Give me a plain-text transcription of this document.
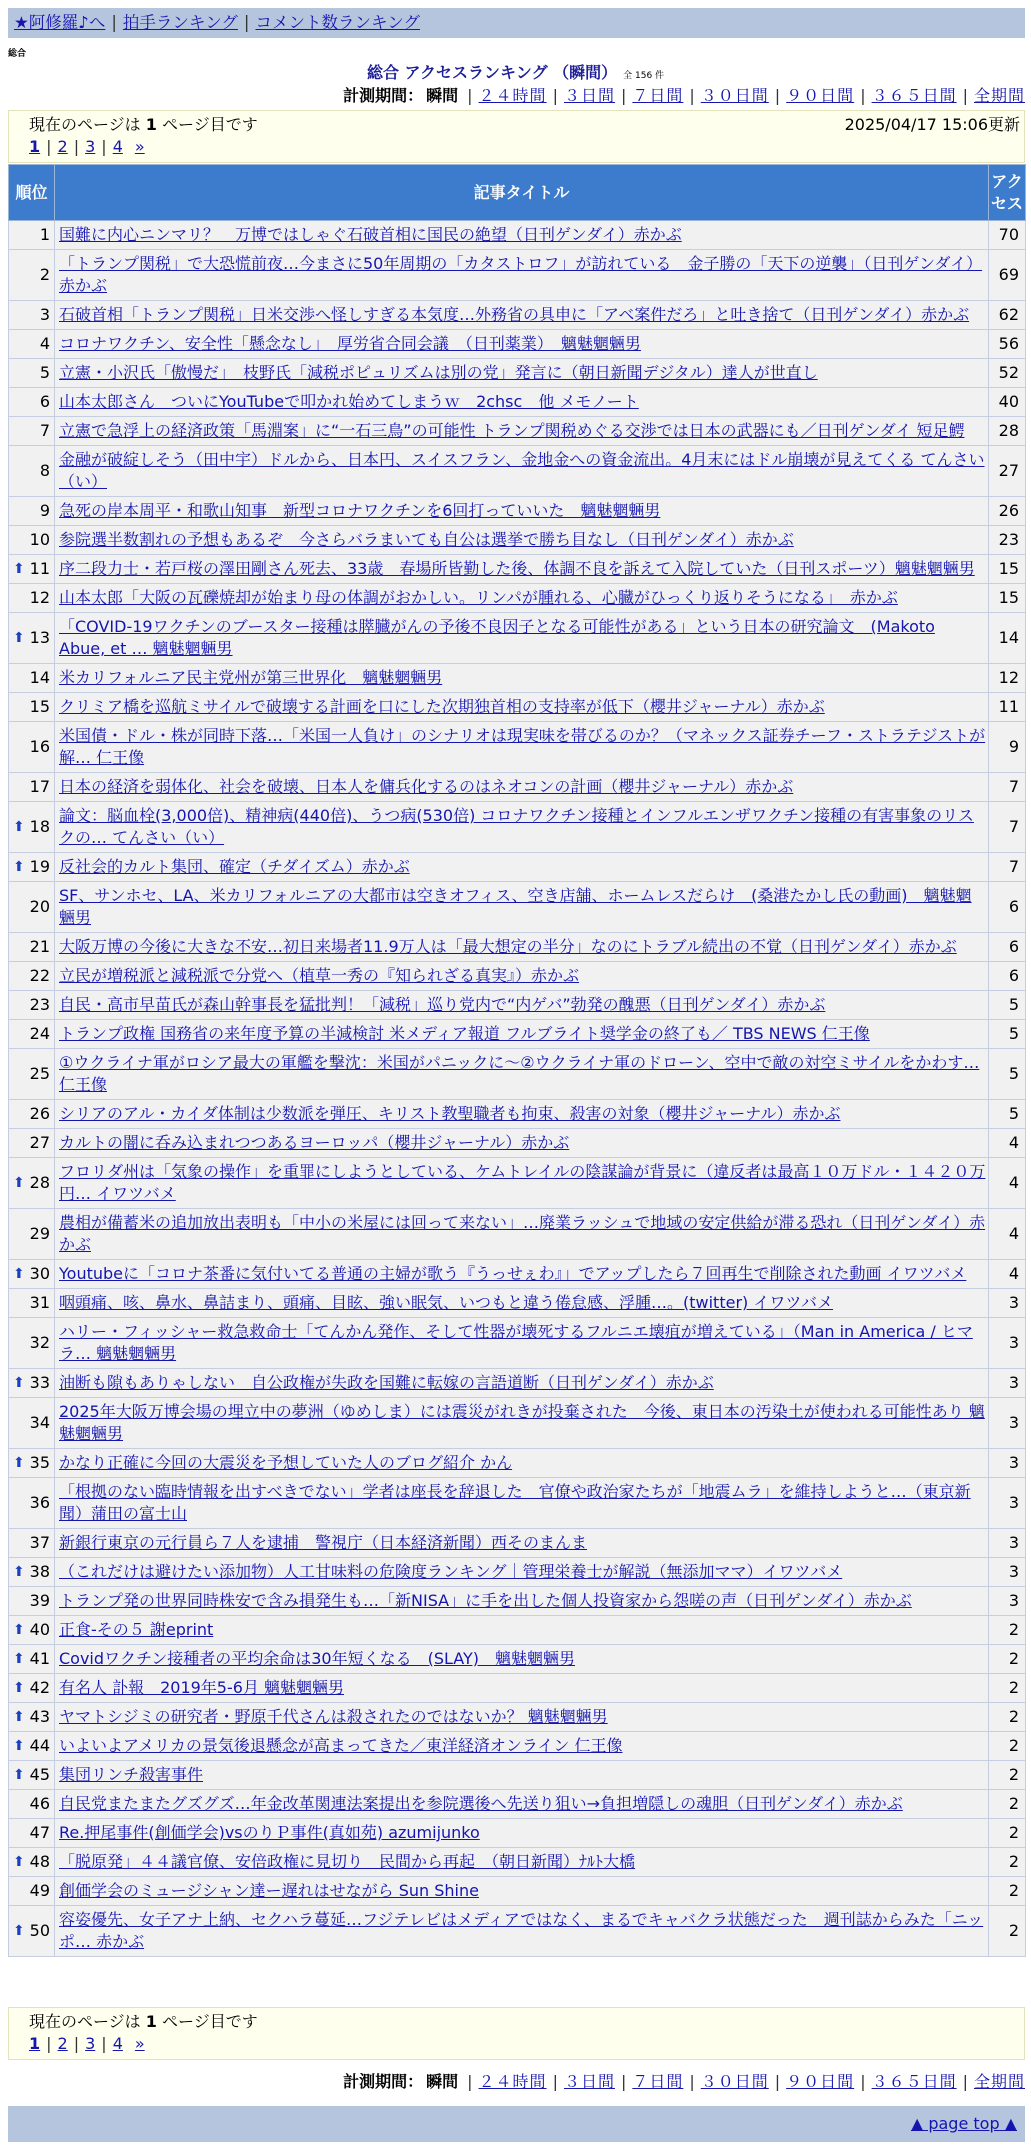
★阿修羅♪へ | 拍手ランキング | コメント数ランキング
総合
総合 アクセスランキング （瞬間） 全 156 件
計測期間： 瞬間 | ２４時間 | ３日間 | ７日間 | ３０日間 | ９０日間 | ３６５日間 | 全期間
現在のページは 1 ページ目です	2025/04/17 15:06更新
1 | 2 | 3 | 4 »
順位	記事タイトル	アクセス
1	国難に内心ニンマリ？　万博ではしゃぐ石破首相に国民の絶望（日刊ゲンダイ）赤かぶ	70
2	「トランプ関税」で大恐慌前夜…今まさに50年周期の「カタストロフ」が訪れている　金子勝の「天下の逆襲」（日刊ゲンダイ）赤かぶ	69
3	石破首相「トランプ関税」日米交渉へ怪しすぎる本気度…外務省の具申に「アベ案件だろ」と吐き捨て（日刊ゲンダイ）赤かぶ	62
4	コロナワクチン、安全性「懸念なし」　厚労省合同会議　（日刊薬業）　魑魅魍魎男	56
5	立憲・小沢氏「傲慢だ」　枝野氏「減税ポピュリズムは別の党」発言に（朝日新聞デジタル）達人が世直し	52
6	山本太郎さん　ついにYouTubeで叩かれ始めてしまうｗ　2chsc　他 メモノート	40
7	立憲で急浮上の経済政策「馬淵案」に“一石三鳥”の可能性 トランプ関税めぐる交渉では日本の武器にも／日刊ゲンダイ 短足鰐	28
8	金融が破綻しそう（田中宇）ドルから、日本円、スイスフラン、金地金への資金流出。4月末にはドル崩壊が見えてくる てんさい（い）	27
9	急死の岸本周平・和歌山知事　新型コロナワクチンを6回打っていいた　魑魅魍魎男	26
10	参院選半数割れの予想もあるぞ　今さらバラまいても自公は選挙で勝ち目なし（日刊ゲンダイ）赤かぶ	23

⬆ 11	序二段力士・若戸桜の澤田剛さん死去、33歳　春場所皆勤した後、体調不良を訴えて入院していた（日刊スポーツ）魑魅魍魎男	15
12	山本太郎「大阪の瓦礫焼却が始まり母の体調がおかしい。リンパが腫れる、心臓がひっくり返りそうになる」　赤かぶ	15

⬆ 13	「COVID-19ワクチンのブースター接種は膵臓がんの予後不良因子となる可能性がある」という日本の研究論文　(Makoto Abue, et … 魑魅魍魎男	14
14	米カリフォルニア民主党州が第三世界化　魑魅魍魎男	12
15	クリミア橋を巡航ミサイルで破壊する計画を口にした次期独首相の支持率が低下（櫻井ジャーナル）赤かぶ	11
16	米国債・ドル・株が同時下落…「米国一人負け」のシナリオは現実味を帯びるのか？（マネックス証券チーフ・ストラテジストが解… 仁王像	9
17	日本の経済を弱体化、社会を破壊、日本人を傭兵化するのはネオコンの計画（櫻井ジャーナル）赤かぶ	7

⬆ 18	論文：脳血栓(3,000倍)、精神病(440倍)、うつ病(530倍) コロナワクチン接種とインフルエンザワクチン接種の有害事象のリスクの… てんさい（い）	7

⬆ 19	反社会的カルト集団、確定（チダイズム）赤かぶ	7
20	SF、サンホセ、LA、米カリフォルニアの大都市は空きオフィス、空き店舗、ホームレスだらけ　(桑港たかし氏の動画)　魑魅魍魎男	6
21	大阪万博の今後に大きな不安…初日来場者11.9万人は「最大想定の半分」なのにトラブル続出の不覚（日刊ゲンダイ）赤かぶ	6
22	立民が増税派と減税派で分党へ（植草一秀の『知られざる真実』）赤かぶ	6
23	自民・高市早苗氏が森山幹事長を猛批判！「減税」巡り党内で“内ゲバ”勃発の醜悪（日刊ゲンダイ）赤かぶ	5
24	トランプ政権 国務省の来年度予算の半減検討 米メディア報道 フルブライト奨学金の終了も／ TBS NEWS 仁王像	5
25	①ウクライナ軍がロシア最大の軍艦を撃沈：米国がパニックに〜②ウクライナ軍のドローン、空中で敵の対空ミサイルをかわす… 仁王像	5
26	シリアのアル・カイダ体制は少数派を弾圧、キリスト教聖職者も拘束、殺害の対象（櫻井ジャーナル）赤かぶ	5
27	カルトの闇に呑み込まれつつあるヨーロッパ（櫻井ジャーナル）赤かぶ	4

⬆ 28	フロリダ州は「気象の操作」を重罪にしようとしている、ケムトレイルの陰謀論が背景に（違反者は最高１０万ドル・１４２０万円… イワツバメ	4
29	農相が備蓄米の追加放出表明も「中小の米屋には回って来ない」…廃業ラッシュで地域の安定供給が滞る恐れ（日刊ゲンダイ）赤かぶ	4

⬆ 30	Youtubeに「コロナ茶番に気付いてる普通の主婦が歌う『うっせぇわ』」でアップしたら７回再生で削除された動画 イワツバメ	4
31	咽頭痛、咳、鼻水、鼻詰まり、頭痛、目眩、強い眠気、いつもと違う倦怠感、浮腫…。(twitter) イワツバメ	3
32	ハリー・フィッシャー救急救命士「てんかん発作、そして性器が壊死するフルニエ壊疽が増えている」（Man in America / ヒマラ… 魑魅魍魎男	3

⬆ 33	油断も隙もありゃしない　自公政権が失政を国難に転嫁の言語道断（日刊ゲンダイ）赤かぶ	3
34	2025年大阪万博会場の埋立中の夢洲（ゆめしま）には震災がれきが投棄された　今後、東日本の汚染土が使われる可能性あり 魑魅魍魎男	3

⬆ 35	かなり正確に今回の大震災を予想していた人のブログ紹介 かん	3
36	「根拠のない臨時情報を出すべきでない」学者は座長を辞退した　官僚や政治家たちが「地震ムラ」を維持しようと…（東京新聞）蒲田の富士山	3
37	新銀行東京の元行員ら７人を逮捕　警視庁（日本経済新聞）西そのまんま	3

⬆ 38	（これだけは避けたい添加物）人工甘味料の危険度ランキング｜管理栄養士が解説（無添加ママ）イワツバメ	3
39	トランプ発の世界同時株安で含み損発生も…「新NISA」に手を出した個人投資家から怨嗟の声（日刊ゲンダイ）赤かぶ	3

⬆ 40	正食-その５ 謝eprint	2

⬆ 41	Covidワクチン接種者の平均余命は30年短くなる　(SLAY)　魑魅魍魎男	2

⬆ 42	有名人 訃報　2019年5-6月 魑魅魍魎男	2

⬆ 43	ヤマトシジミの研究者・野原千代さんは殺されたのではないか？ 魑魅魍魎男	2

⬆ 44	いよいよアメリカの景気後退懸念が高まってきた／東洋経済オンライン 仁王像	2

⬆ 45	集団リンチ殺害事件	2
46	自民党またまたグズグズ…年金改革関連法案提出を参院選後へ先送り狙い→負担増隠しの魂胆（日刊ゲンダイ）赤かぶ	2
47	Re.押尾事件(創価学会)vsのりＰ事件(真如苑) azumijunko	2

⬆ 48	「脱原発」４４議官僚、安倍政権に見切り　民間から再起　（朝日新聞）ﾅﾙﾄ大橋	2
49	創価学会のミュージシャン達ー遅れはせながら Sun Shine	2

⬆ 50	容姿優先、女子アナ上納、セクハラ蔓延…フジテレビはメディアではなく、まるでキャバクラ状態だった　週刊誌からみた「ニッポ… 赤かぶ	2
現在のページは 1 ページ目です
1 | 2 | 3 | 4 »
計測期間： 瞬間 | ２４時間 | ３日間 | ７日間 | ３０日間 | ９０日間 | ３６５日間 | 全期間
▲ page top ▲
